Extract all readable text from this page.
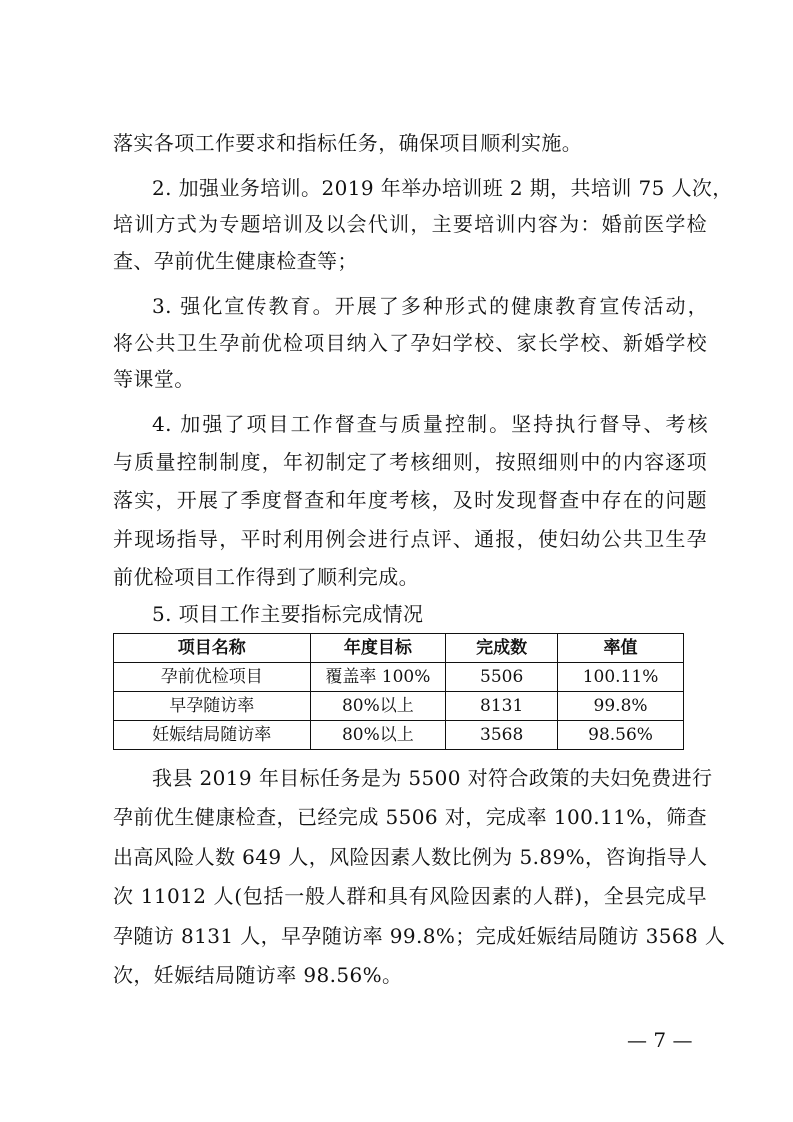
落实各项工作要求和指标任务，确保项目顺利实施。
2. 加强业务培训。2019 年举办培训班 2 期，共培训 75 人次，
培训方式为专题培训及以会代训，主要培训内容为：婚前医学检
查、孕前优生健康检查等；
3. 强化宣传教育。开展了多种形式的健康教育宣传活动，
将公共卫生孕前优检项目纳入了孕妇学校、家长学校、新婚学校
等课堂。
4. 加强了项目工作督查与质量控制。坚持执行督导、考核
与质量控制制度，年初制定了考核细则，按照细则中的内容逐项
落实，开展了季度督查和年度考核，及时发现督查中存在的问题
并现场指导，平时利用例会进行点评、通报，使妇幼公共卫生孕
前优检项目工作得到了顺利完成。
5. 项目工作主要指标完成情况
项目名称	年度目标	完成数	率值
孕前优检项目	覆盖率 100%	5506	100.11%
早孕随访率	80%以上	8131	99.8%
妊娠结局随访率	80%以上	3568	98.56%
我县 2019 年目标任务是为 5500 对符合政策的夫妇免费进行
孕前优生健康检查，已经完成 5506 对，完成率 100.11%，筛查
出高风险人数 649 人，风险因素人数比例为 5.89%，咨询指导人
次 11012 人(包括一般人群和具有风险因素的人群)，全县完成早
孕随访 8131 人，早孕随访率 99.8%；完成妊娠结局随访 3568 人
次，妊娠结局随访率 98.56%。
— 7 —
